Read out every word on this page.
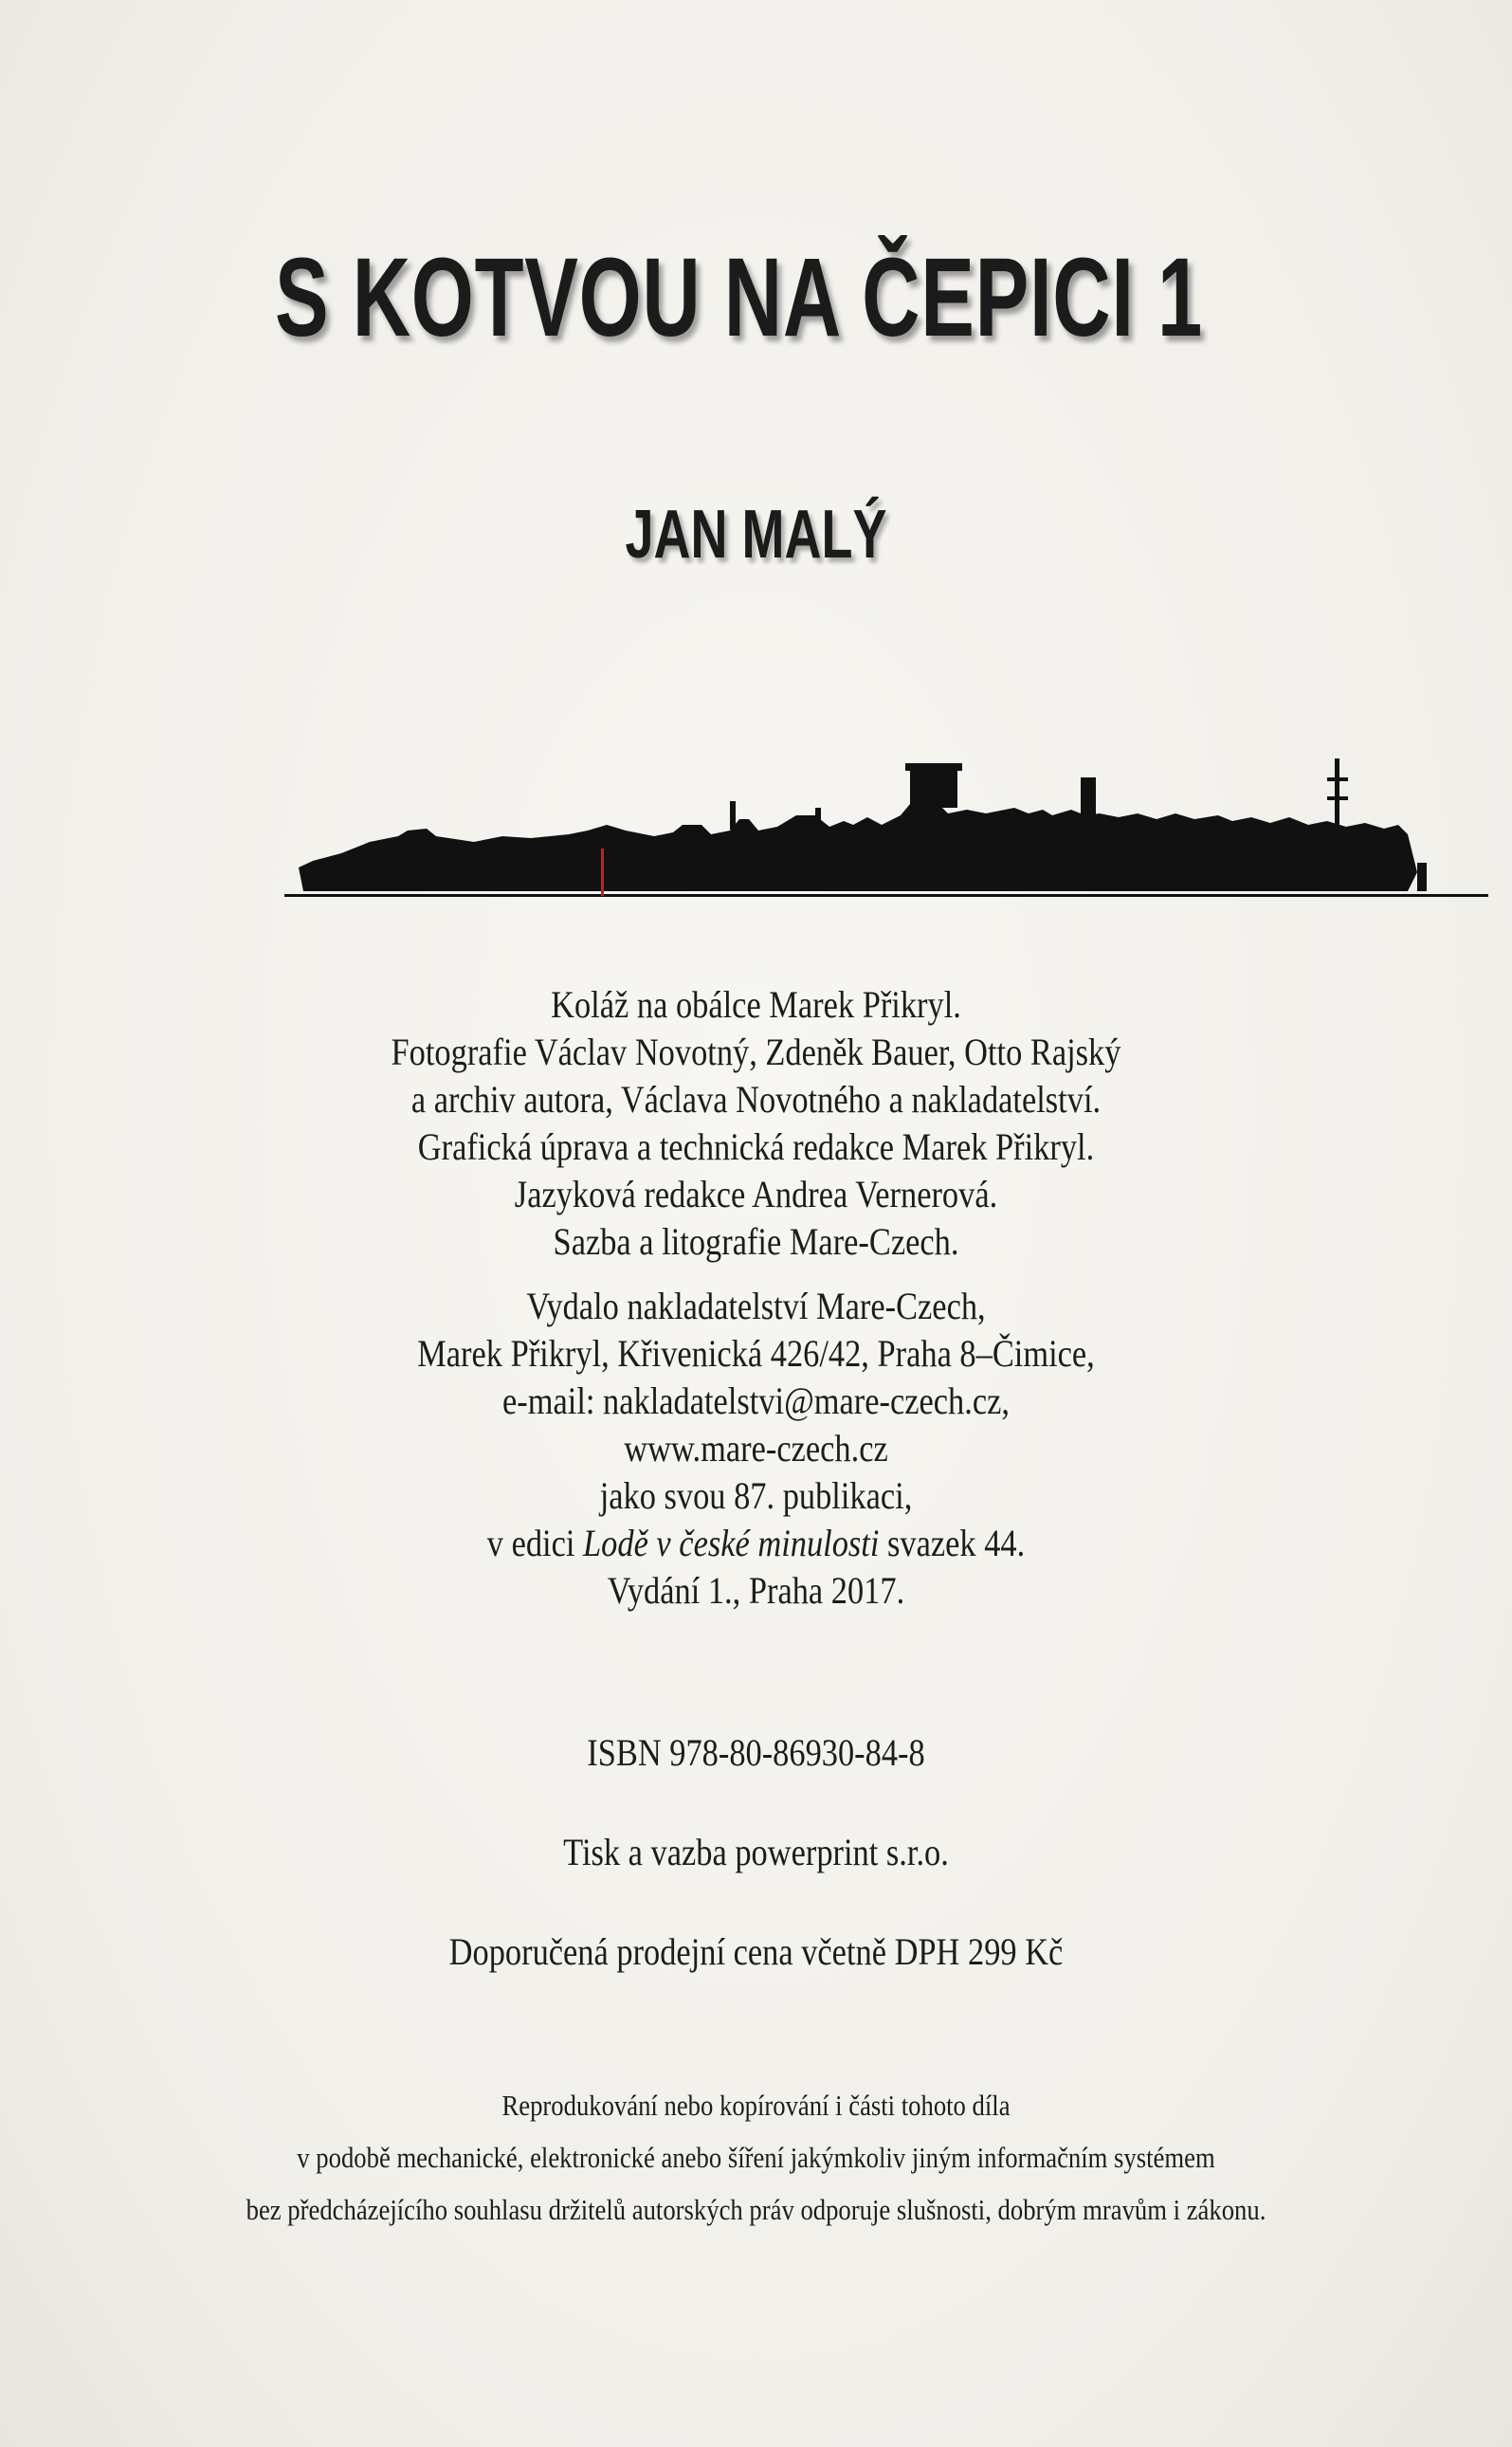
S KOTVOU NA ČEPICI 1
JAN MALÝ
Koláž na obálce Marek Přikryl.
Fotografie Václav Novotný, Zdeněk Bauer, Otto Rajský
a archiv autora, Václava Novotného a nakladatelství.
Grafická úprava a technická redakce Marek Přikryl.
Jazyková redakce Andrea Vernerová.
Sazba a litografie Mare-Czech.
Vydalo nakladatelství Mare-Czech,
Marek Přikryl, Křivenická 426/42, Praha 8–Čimice,
e-mail: nakladatelstvi@mare-czech.cz,
www.mare-czech.cz
jako svou 87. publikaci,
v edici Lodě v české minulosti svazek 44.
Vydání 1., Praha 2017.
ISBN 978-80-86930-84-8
Tisk a vazba powerprint s.r.o.
Doporučená prodejní cena včetně DPH 299 Kč
Reprodukování nebo kopírování i části tohoto díla
v podobě mechanické, elektronické anebo šíření jakýmkoliv jiným informačním systémem
bez předcházejícího souhlasu držitelů autorských práv odporuje slušnosti, dobrým mravům i zákonu.
